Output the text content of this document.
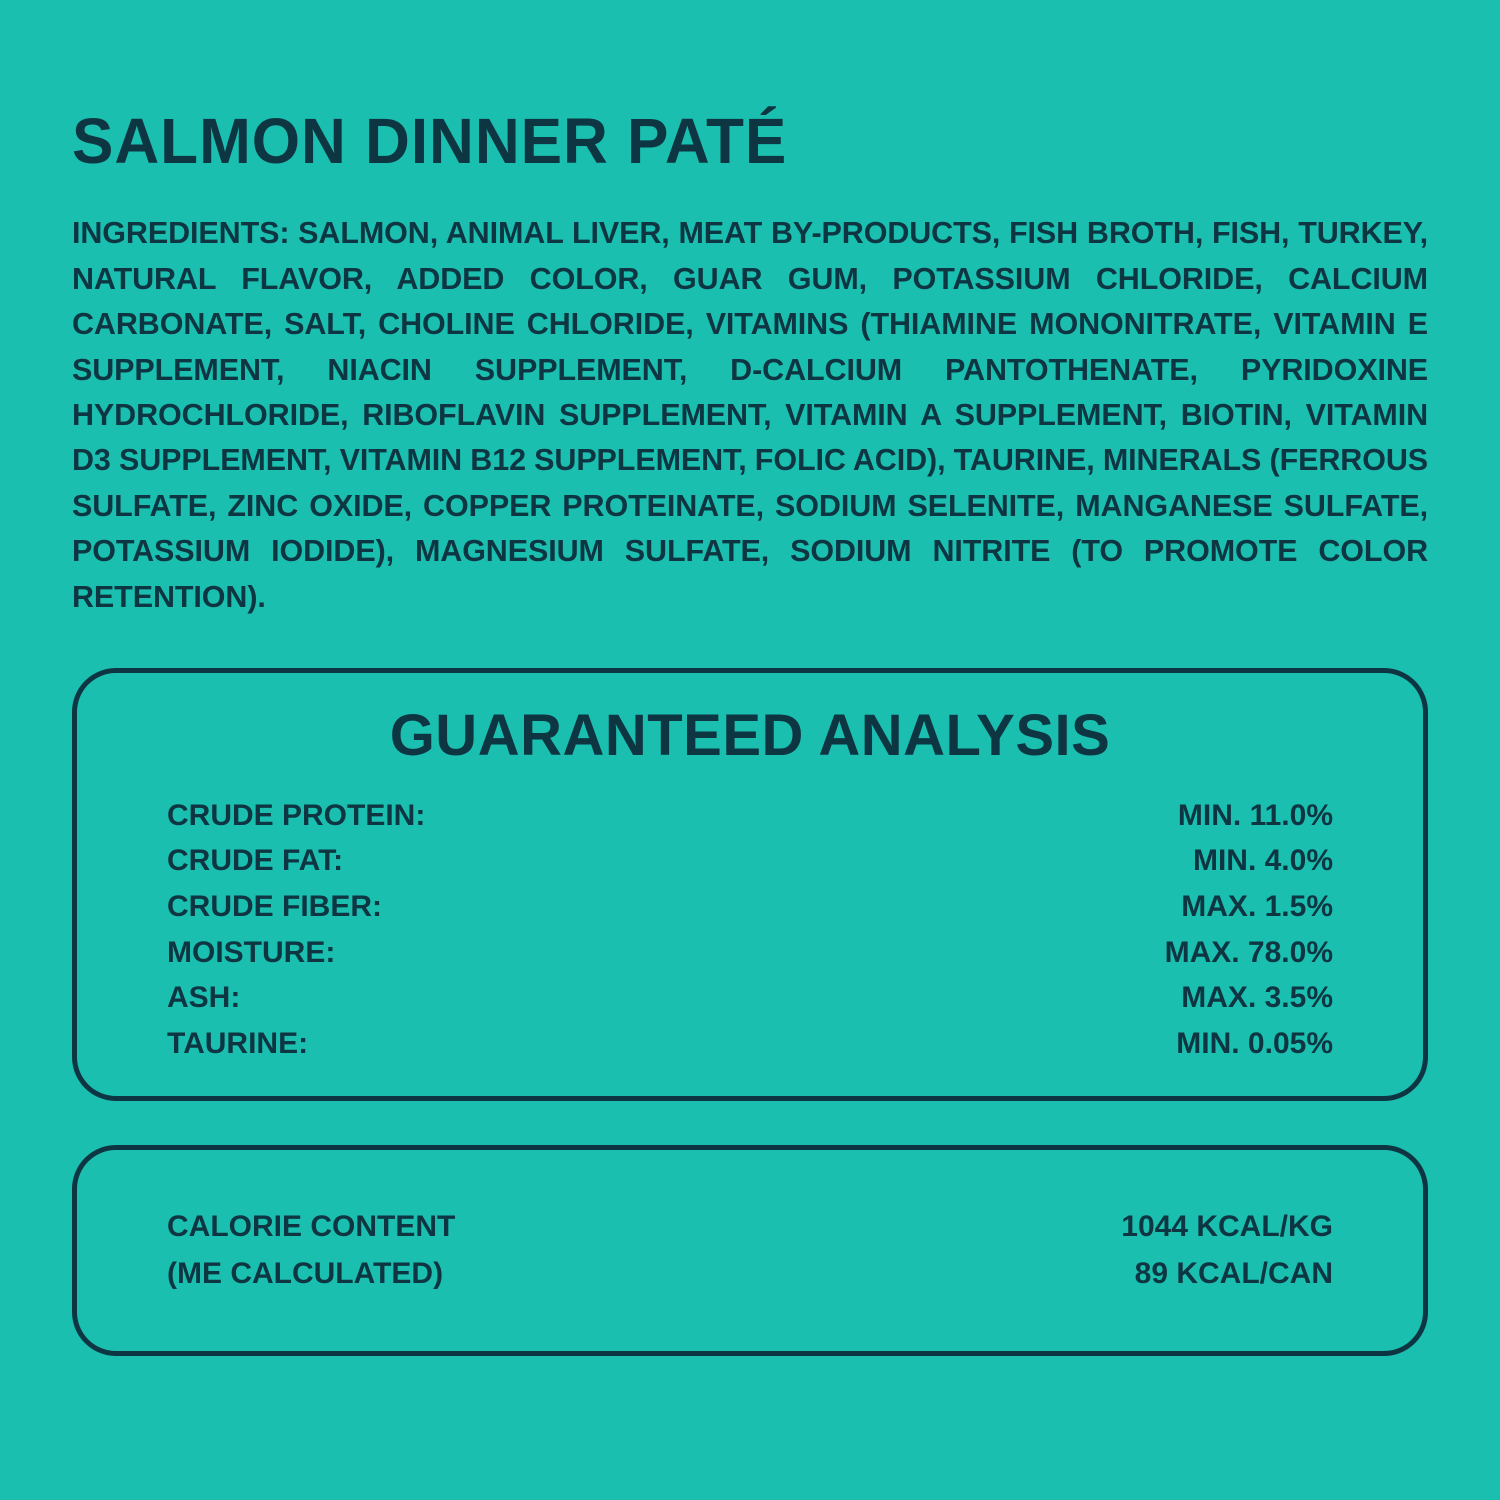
SALMON DINNER PATÉ

INGREDIENTS: SALMON, ANIMAL LIVER, MEAT BY-PRODUCTS, FISH BROTH, FISH, TURKEY, NATURAL FLAVOR, ADDED COLOR, GUAR GUM, POTASSIUM CHLORIDE, CALCIUM CARBONATE, SALT, CHOLINE CHLORIDE, VITAMINS (THIAMINE MONONITRATE, VITAMIN E SUPPLEMENT, NIACIN SUPPLEMENT, D-CALCIUM PANTOTHENATE, PYRIDOXINE HYDROCHLORIDE, RIBOFLAVIN SUPPLEMENT, VITAMIN A SUPPLEMENT, BIOTIN, VITAMIN D3 SUPPLEMENT, VITAMIN B12 SUPPLEMENT, FOLIC ACID), TAURINE, MINERALS (FERROUS SULFATE, ZINC OXIDE, COPPER PROTEINATE, SODIUM SELENITE, MANGANESE SULFATE, POTASSIUM IODIDE), MAGNESIUM SULFATE, SODIUM NITRITE (TO PROMOTE COLOR RETENTION).

GUARANTEED ANALYSIS
CRUDE PROTEIN:	MIN. 11.0%
CRUDE FAT:	MIN. 4.0%
CRUDE FIBER:	MAX. 1.5%
MOISTURE:	MAX. 78.0%
ASH:	MAX. 3.5%
TAURINE:	MIN. 0.05%
CALORIE CONTENT	1044 KCAL/KG
(ME CALCULATED)	89 KCAL/CAN
